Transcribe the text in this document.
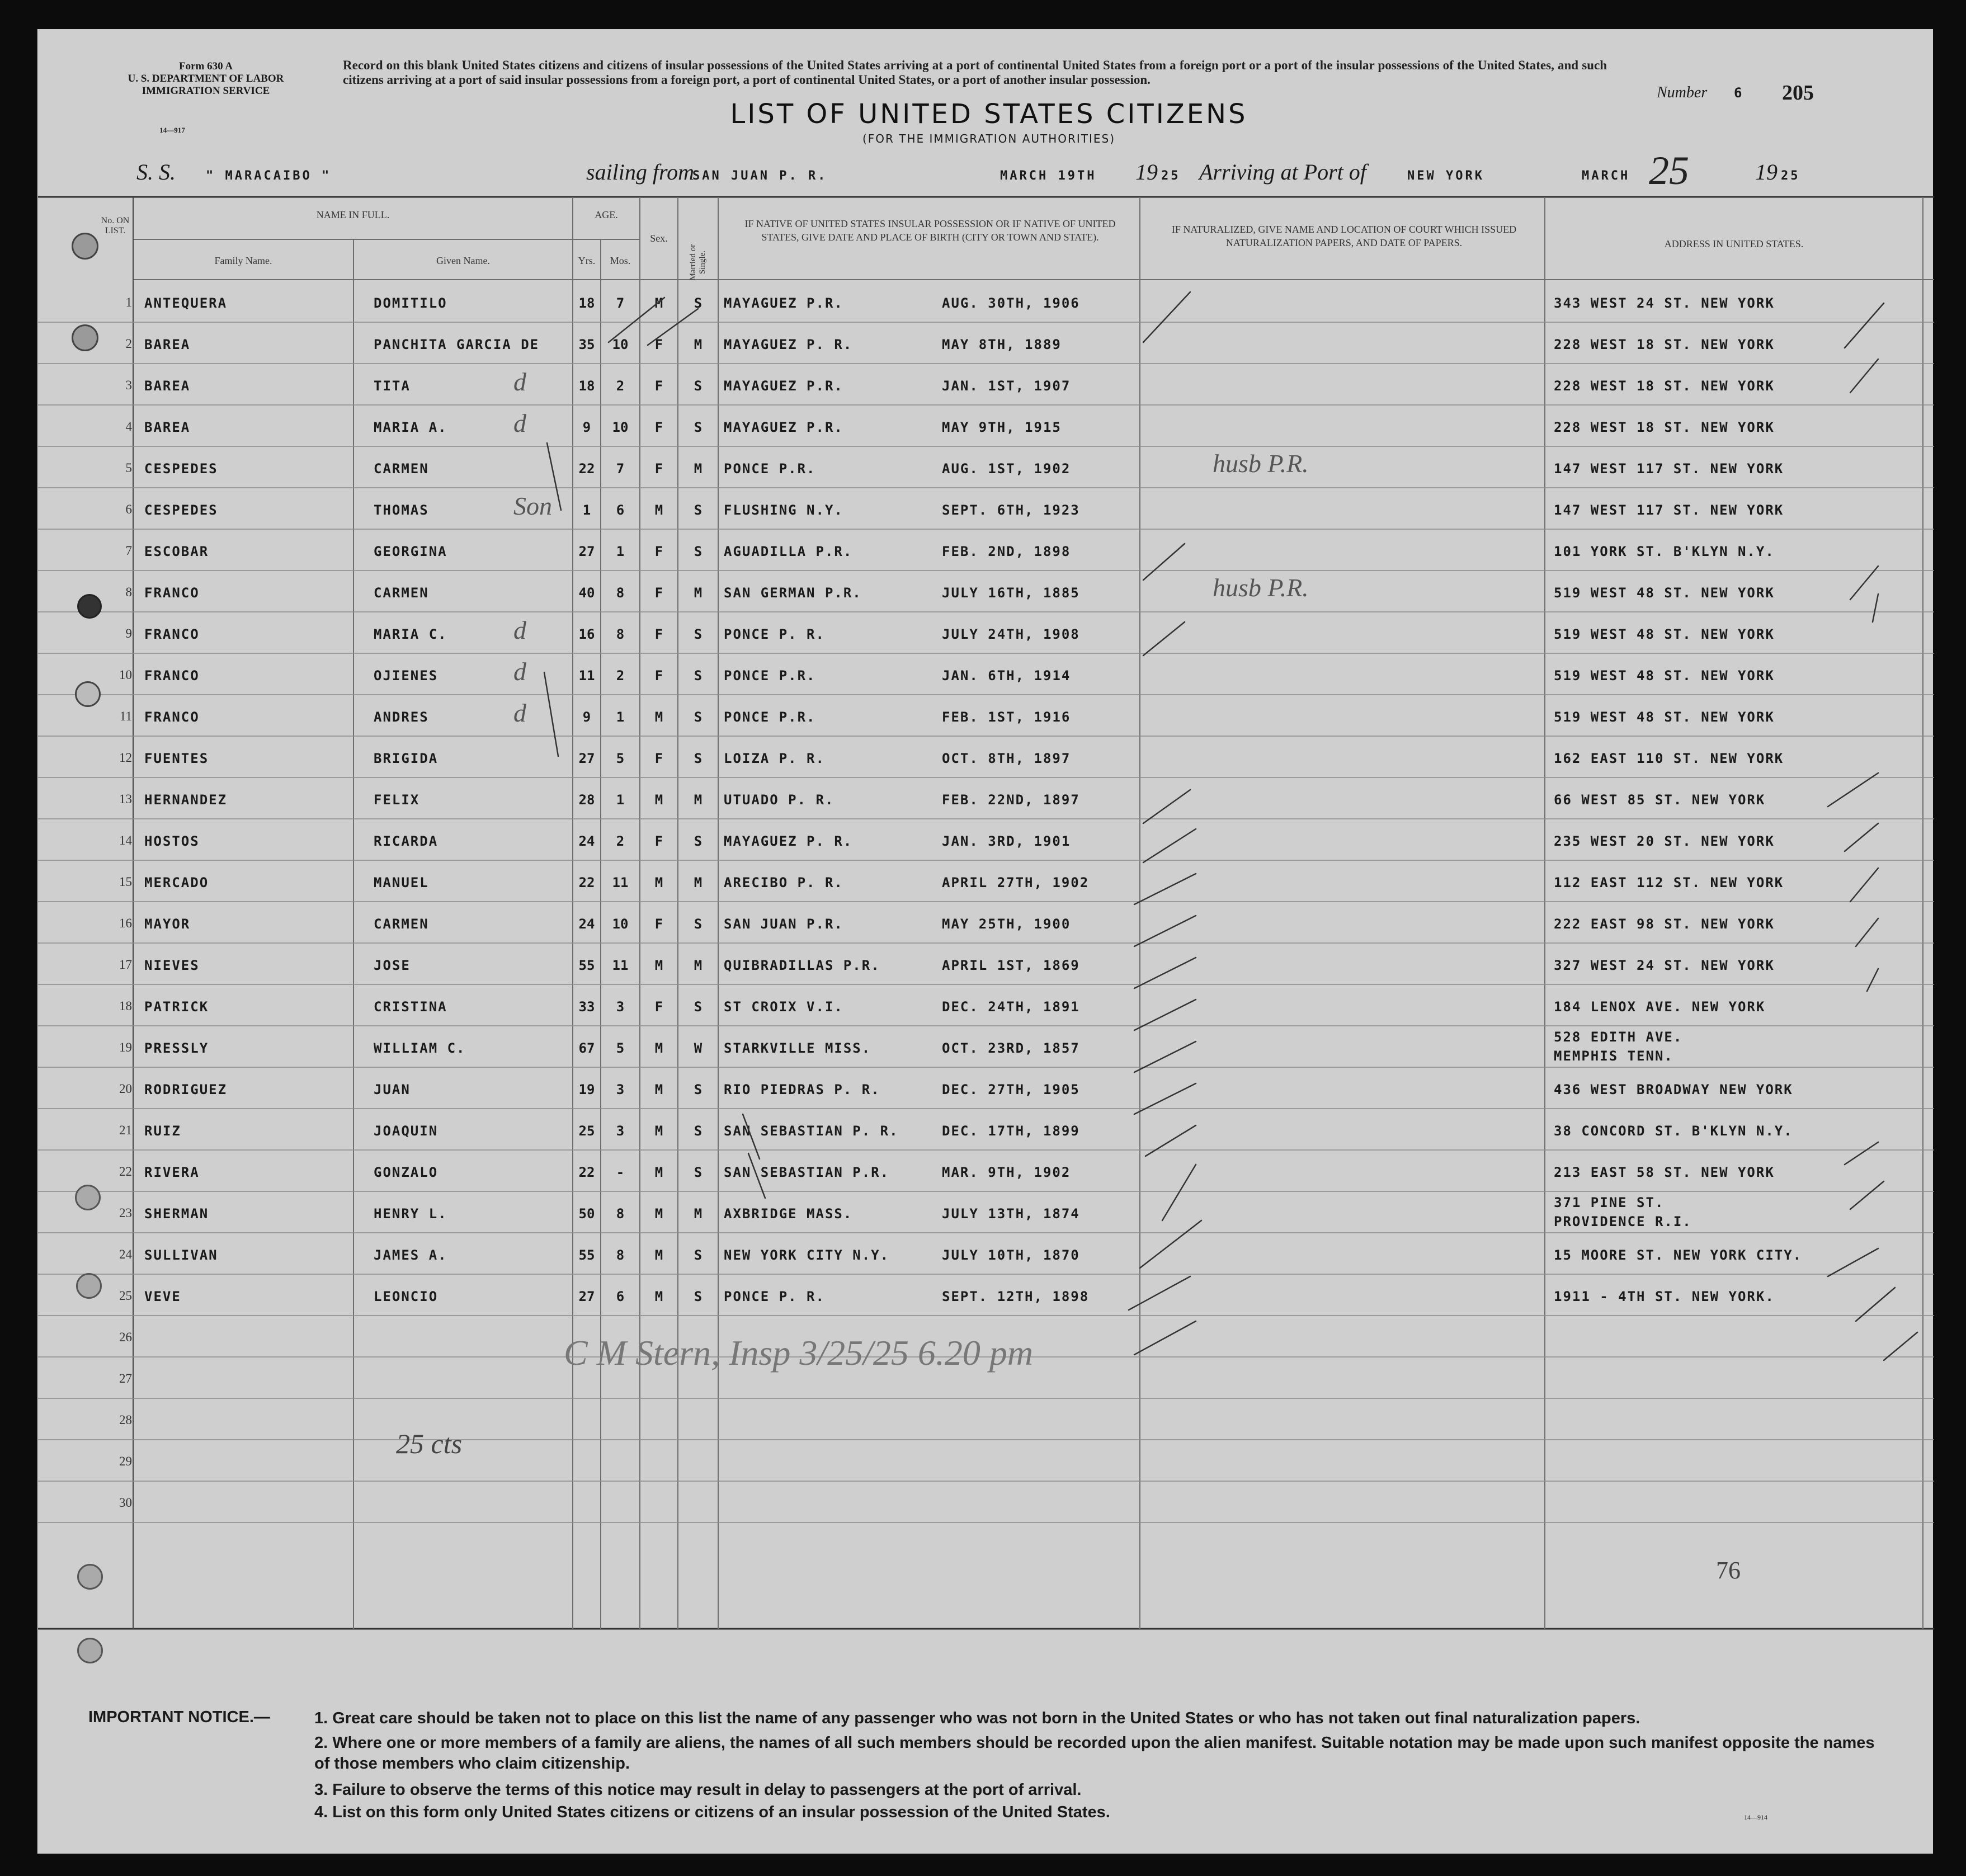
Form 630 A
U. S. DEPARTMENT OF LABOR
IMMIGRATION SERVICE
14—917
Record on this blank United States citizens and citizens of insular possessions of the United States arriving at a port of continental United States from a foreign port or a port of the insular possessions of the United States, and such citizens arriving at a port of said insular possessions from a foreign port, a port of continental United States, or a port of another insular possession.
LIST OF UNITED STATES CITIZENS
(FOR THE IMMIGRATION AUTHORITIES)
Number 6 205
S. S. " MARACAIBO "	sailing from
SAN JUAN P. R.	MARCH 19TH 19 25 Arriving at Port of	NEW YORK	MARCH 25	19 25
No. ON LIST.
NAME IN FULL.
Family Name.	Given Name.
AGE.
Yrs.	Mos.
Sex.
Married or Single.
IF NATIVE OF UNITED STATES INSULAR POSSESSION OR IF NATIVE OF UNITED STATES, GIVE DATE AND PLACE OF BIRTH (CITY OR TOWN AND STATE).
IF NATURALIZED, GIVE NAME AND LOCATION OF COURT WHICH ISSUED NATURALIZATION PAPERS, AND DATE OF PAPERS.	ADDRESS IN UNITED STATES.
1 ANTEQUERA	DOMITILO	18	7	M	S	MAYAGUEZ P.R.	AUG. 30TH, 1906	343 WEST 24 ST. NEW YORK
2 BAREA	PANCHITA GARCIA DE	35	10	F	M	MAYAGUEZ P. R.	MAY 8TH, 1889	228 WEST 18 ST. NEW YORK
3 BAREA	TITA	18	2	F	S	MAYAGUEZ P.R.	JAN. 1ST, 1907	228 WEST 18 ST. NEW YORK
d
4 BAREA	MARIA A.	9	10	F	S	MAYAGUEZ P.R.	MAY 9TH, 1915	228 WEST 18 ST. NEW YORK
d
5 CESPEDES	CARMEN	22	7	F	M	PONCE P.R.	AUG. 1ST, 1902	147 WEST 117 ST. NEW YORK
husb P.R.
6 CESPEDES	THOMAS	1	6	M	S	FLUSHING N.Y.	SEPT. 6TH, 1923	147 WEST 117 ST. NEW YORK
Son
7 ESCOBAR	GEORGINA	27	1	F	S	AGUADILLA P.R.	FEB. 2ND, 1898	101 YORK ST. B'KLYN N.Y.
8 FRANCO	CARMEN	40	8	F	M	SAN GERMAN P.R.	JULY 16TH, 1885	519 WEST 48 ST. NEW YORK
husb P.R.
9 FRANCO	MARIA C.	16	8	F	S	PONCE P. R.	JULY 24TH, 1908	519 WEST 48 ST. NEW YORK
d
10 FRANCO	OJIENES	11	2	F	S	PONCE P.R.	JAN. 6TH, 1914	519 WEST 48 ST. NEW YORK
d
11 FRANCO	ANDRES	9	1	M	S	PONCE P.R.	FEB. 1ST, 1916	519 WEST 48 ST. NEW YORK
d
12 FUENTES	BRIGIDA	27	5	F	S	LOIZA P. R.	OCT. 8TH, 1897	162 EAST 110 ST. NEW YORK
13 HERNANDEZ	FELIX	28	1	M	M	UTUADO P. R.	FEB. 22ND, 1897	66 WEST 85 ST. NEW YORK
14 HOSTOS	RICARDA	24	2	F	S	MAYAGUEZ P. R.	JAN. 3RD, 1901	235 WEST 20 ST. NEW YORK
15 MERCADO	MANUEL	22	11	M	M	ARECIBO P. R.	APRIL 27TH, 1902	112 EAST 112 ST. NEW YORK
16 MAYOR	CARMEN	24	10	F	S	SAN JUAN P.R.	MAY 25TH, 1900	222 EAST 98 ST. NEW YORK
17 NIEVES	JOSE	55	11	M	M	QUIBRADILLAS P.R.	APRIL 1ST, 1869	327 WEST 24 ST. NEW YORK
18 PATRICK	CRISTINA	33	3	F	S	ST CROIX V.I.	DEC. 24TH, 1891	184 LENOX AVE. NEW YORK
19 PRESSLY	WILLIAM C.	67	5	M	W	STARKVILLE MISS.	OCT. 23RD, 1857
528 EDITH AVE.
MEMPHIS TENN.
20 RODRIGUEZ	JUAN	19	3	M	S	RIO PIEDRAS P. R.	DEC. 27TH, 1905	436 WEST BROADWAY NEW YORK
21 RUIZ	JOAQUIN	25	3	M	S	SAN SEBASTIAN P. R.	DEC. 17TH, 1899	38 CONCORD ST. B'KLYN N.Y.
22 RIVERA	GONZALO	22	-	M	S	SAN SEBASTIAN P.R.	MAR. 9TH, 1902	213 EAST 58 ST. NEW YORK
23 SHERMAN	HENRY L.	50	8	M	M	AXBRIDGE MASS.	JULY 13TH, 1874
371 PINE ST.
PROVIDENCE R.I.
24 SULLIVAN	JAMES A.	55	8	M	S	NEW YORK CITY N.Y.	JULY 10TH, 1870	15 MOORE ST. NEW YORK CITY.
25 VEVE	LEONCIO	27	6	M	S	PONCE P. R.	SEPT. 12TH, 1898	1911 - 4TH ST. NEW YORK.
26
27
28
29
30
C M Stern, Insp 3/25/25 6.20 pm
25 cts
76
IMPORTANT NOTICE.—	1. Great care should be taken not to place on this list the name of any passenger who was not born in the United States or who has not taken out final naturalization papers.
2. Where one or more members of a family are aliens, the names of all such members should be recorded upon the alien manifest. Suitable notation may be made upon such manifest opposite the names of those members who claim citizenship.
3. Failure to observe the terms of this notice may result in delay to passengers at the port of arrival.
4. List on this form only United States citizens or citizens of an insular possession of the United States.	14—914
